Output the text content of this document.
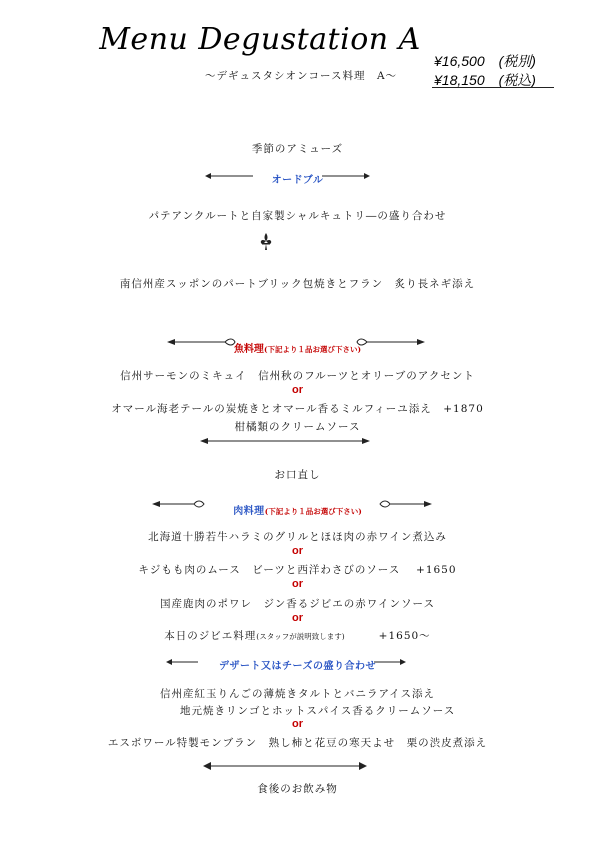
Menu Degustation A
～デギュスタシオンコース料理　A～
¥16,500　(税別)
¥18,150　(税込)
季節のアミューズ
オードブル
パテアンクルートと自家製シャルキュトリ―の盛り合わせ
南信州産スッポンのパートブリック包焼きとフラン　炙り長ネギ添え
魚料理(下記より１品お選び下さい)
信州サーモンのミキュイ　信州秋のフルーツとオリーブのアクセント
or
オマール海老テールの炭焼きとオマール香るミルフィーユ添え　+1870
柑橘類のクリームソース
お口直し
肉料理(下記より１品お選び下さい)
北海道十勝若牛ハラミのグリルとほほ肉の赤ワイン煮込み
or
キジもも肉のムース　ビーツと西洋わさびのソース　 +1650
or
国産鹿肉のポワレ　ジン香るジビエの赤ワインソース
or
本日のジビエ料理(スタッフが説明致します)	+1650～
デザート又はチーズの盛り合わせ
信州産紅玉りんごの薄焼きタルトとバニラアイス添え
地元焼きリンゴとホットスパイス香るクリームソース
or
エスボワール特製モンブラン　熟し柿と花豆の寒天よせ　栗の渋皮煮添え
食後のお飲み物
